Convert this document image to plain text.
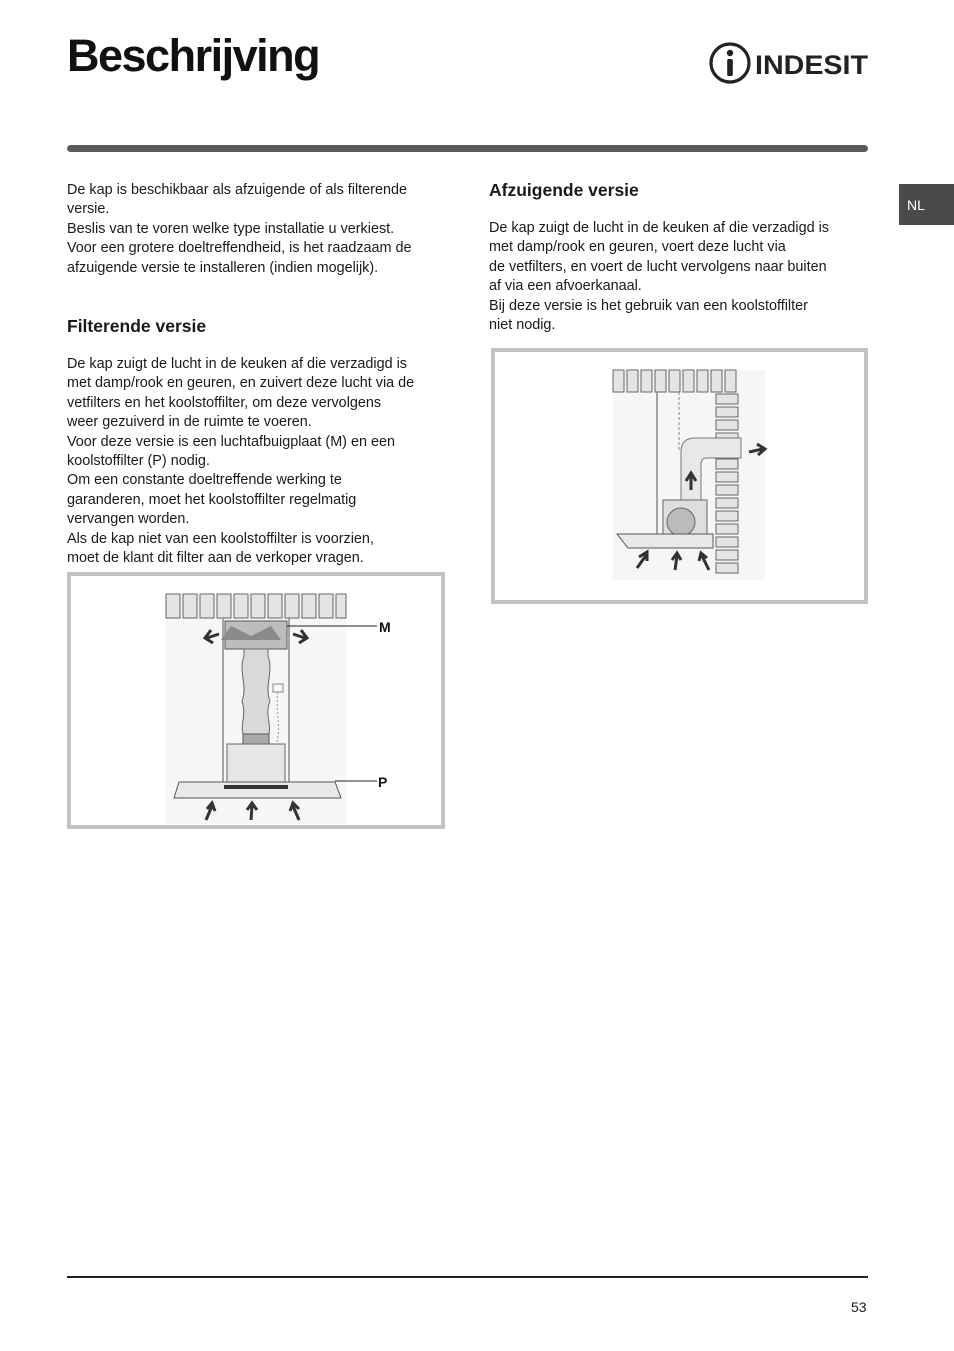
Beschrijving	INDESIT
NL

De kap is beschikbaar als afzuigende of als filterende
versie.
Beslis van te voren welke type installatie u verkiest.
Voor een grotere doeltreffendheid, is het raadzaam de
afzuigende versie te installeren (indien mogelijk).

Filterende versie

De kap zuigt de lucht in de keuken af die verzadigd is
met damp/rook en geuren, en zuivert deze lucht via de
vetfilters en het koolstoffilter, om deze vervolgens
weer gezuiverd in de ruimte te voeren.
Voor deze versie is een luchtafbuigplaat (M) en een
koolstoffilter (P) nodig.
Om een constante doeltreffende werking te
garanderen, moet het koolstoffilter regelmatig
vervangen worden.
Als de kap niet van een koolstoffilter is voorzien,
moet de klant dit filter aan de verkoper vragen.

Afzuigende versie

De kap zuigt de lucht in de keuken af die verzadigd is
met damp/rook en geuren, voert deze lucht via
de vetfilters, en voert de lucht vervolgens naar buiten
af via een afvoerkanaal.
Bij deze versie is het gebruik van een koolstoffilter
niet nodig.

M
P
53
